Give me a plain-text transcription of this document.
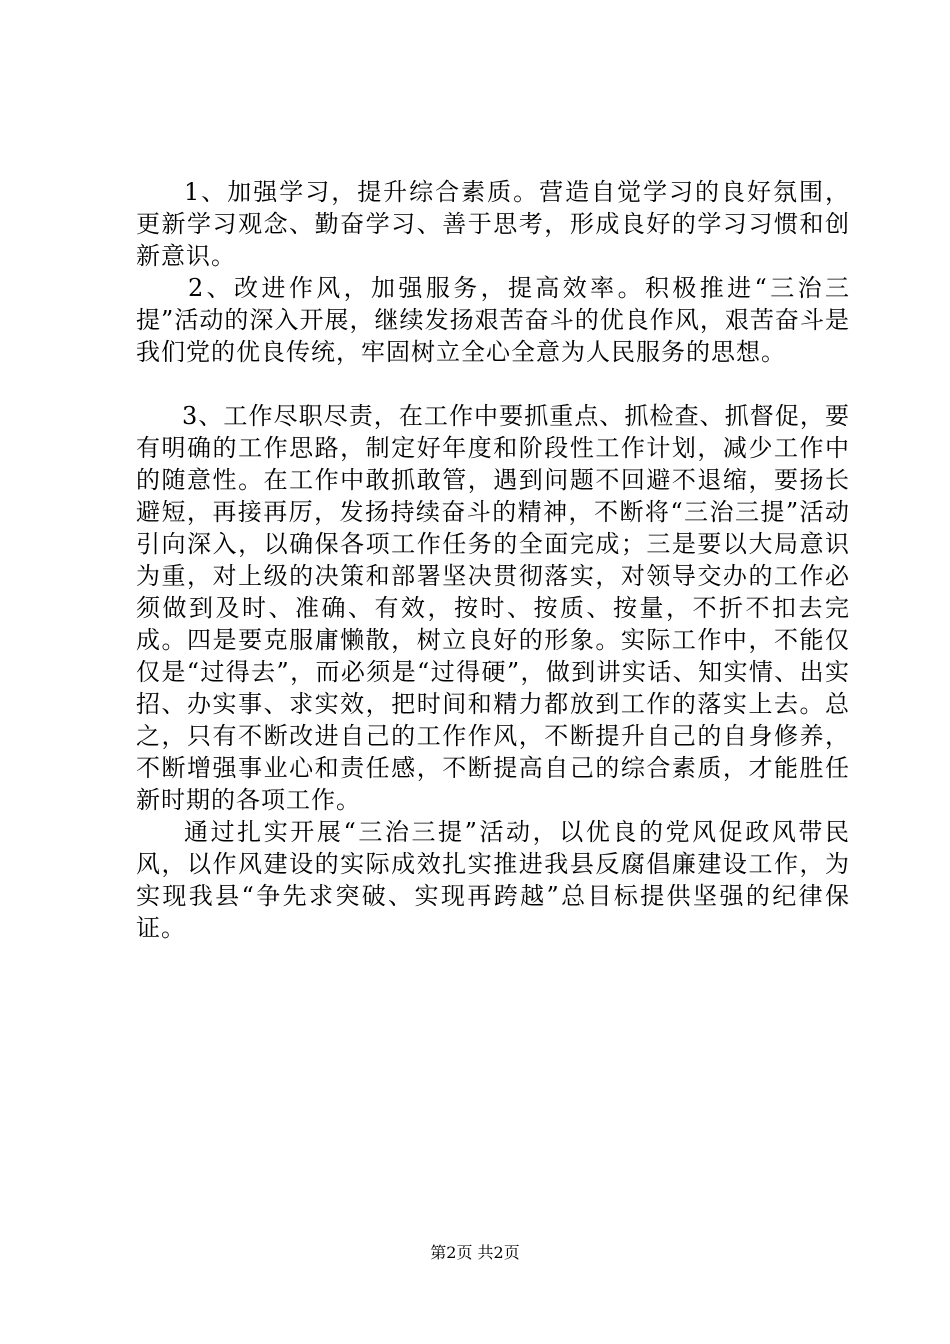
1、加强学习，提升综合素质。营造自觉学习的良好氛围，更新学习观念、勤奋学习、善于思考，形成良好的学习习惯和创新意识。

2、改进作风，加强服务，提高效率。积极推进“三治三提”活动的深入开展，继续发扬艰苦奋斗的优良作风，艰苦奋斗是我们党的优良传统，牢固树立全心全意为人民服务的思想。

3、工作尽职尽责，在工作中要抓重点、抓检查、抓督促，要有明确的工作思路，制定好年度和阶段性工作计划，减少工作中的随意性。在工作中敢抓敢管，遇到问题不回避不退缩，要扬长避短，再接再厉，发扬持续奋斗的精神，不断将“三治三提”活动引向深入，以确保各项工作任务的全面完成；三是要以大局意识为重，对上级的决策和部署坚决贯彻落实，对领导交办的工作必须做到及时、准确、有效，按时、按质、按量，不折不扣去完成。四是要克服庸懒散，树立良好的形象。实际工作中，不能仅仅是“过得去”，而必须是“过得硬”，做到讲实话、知实情、出实招、办实事、求实效，把时间和精力都放到工作的落实上去。总之，只有不断改进自己的工作作风，不断提升自己的自身修养，不断增强事业心和责任感，不断提高自己的综合素质，才能胜任新时期的各项工作。

通过扎实开展“三治三提”活动，以优良的党风促政风带民风，以作风建设的实际成效扎实推进我县反腐倡廉建设工作，为实现我县“争先求突破、实现再跨越”总目标提供坚强的纪律保证。

第2页 共2页
